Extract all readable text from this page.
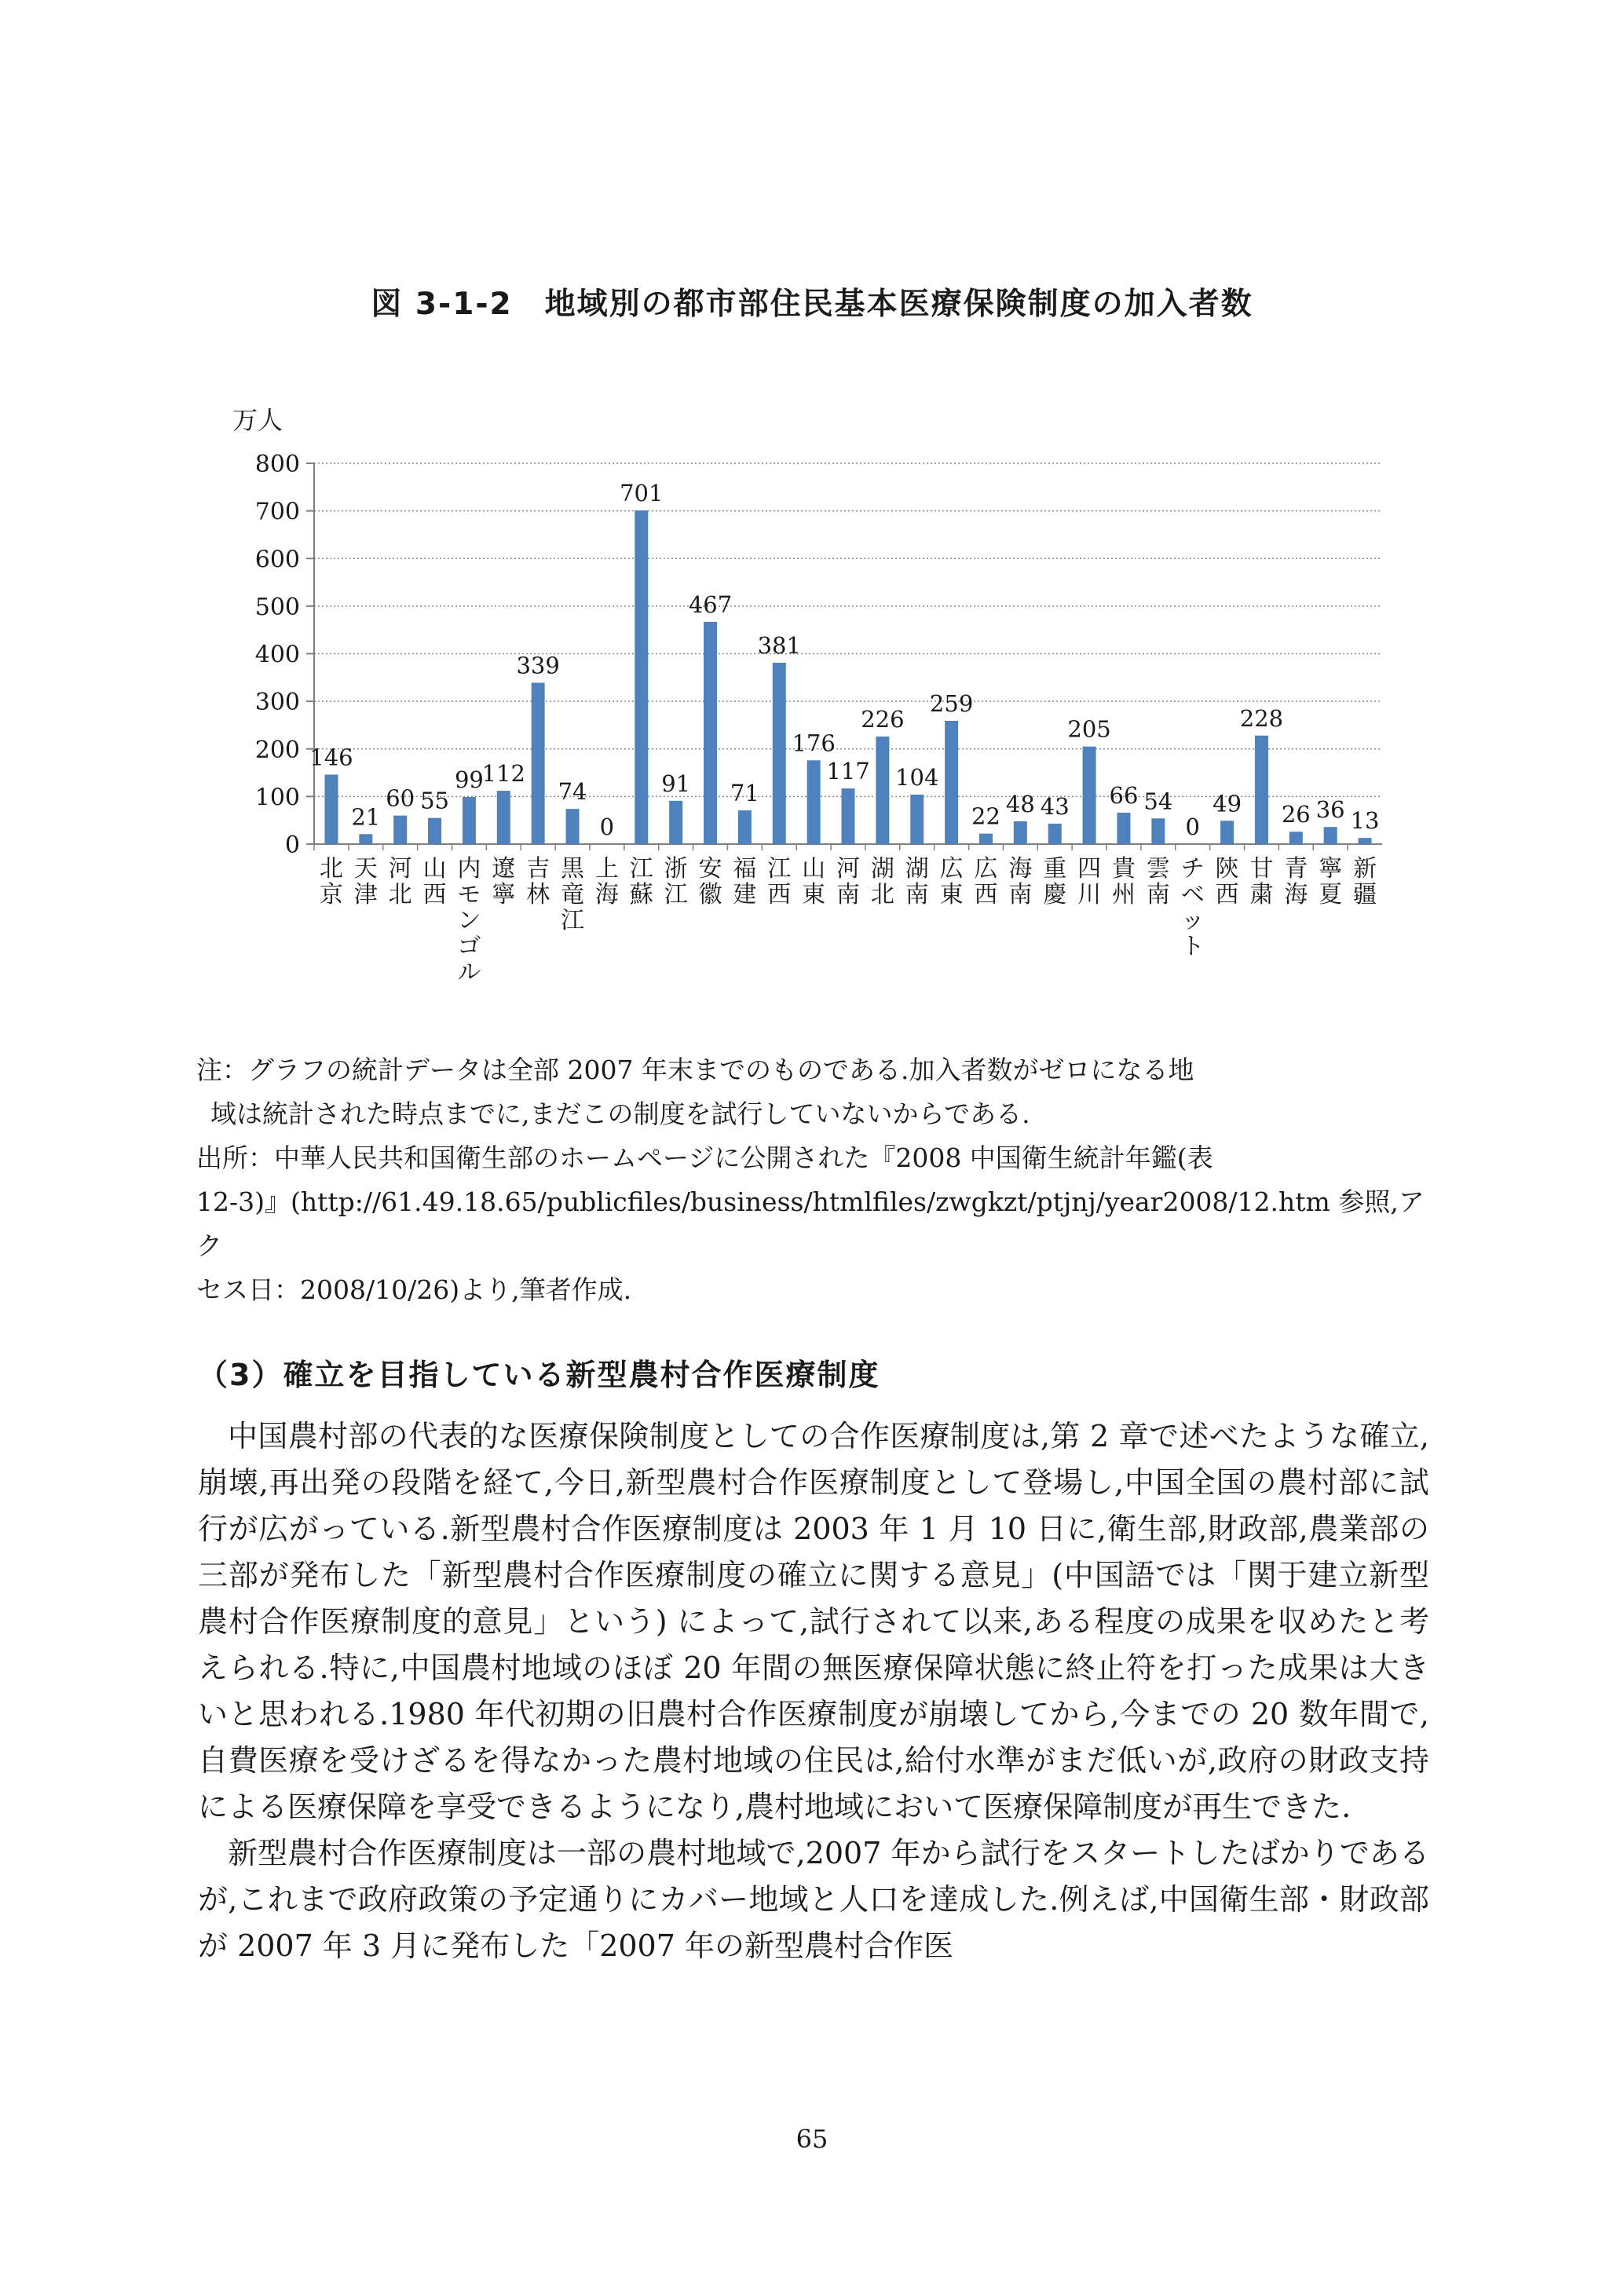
図 3-1-2　地域別の都市部住民基本医療保険制度の加入者数
万人
0
100
200
300
400
500
600
700
800
146
21
60 55
99
112
339
74
0
701
91
467
71
381
176
117
226
104
259
22 48 43
205
66 54
0
49
228
26 36 13
北
京
天
津
河
北
山
西
内
モ
ン
ゴ
ル
遼
寧
吉
林
黒
竜
江
上
海
江
蘇
浙
江
安
徽
福
建
江
西
山
東
河
南
湖
北
湖
南
広
東
広
西
海
南
重
慶
四
川
貴
州
雲
南
チ
ベ
ッ
ト
陝
西
甘
粛
青
海
寧
夏
新
疆

注：グラフの統計データは全部 2007 年末までのものである.加入者数がゼロになる地

域は統計された時点までに,まだこの制度を試行していないからである.

出所：中華人民共和国衛生部のホームページに公開された『2008 中国衛生統計年鑑(表

12-3)』(http://61.49.18.65/publicfiles/business/htmlfiles/zwgkzt/ptjnj/year2008/12.htm 参照,アク

セス日：2008/10/26)より,筆者作成.

（3）確立を目指している新型農村合作医療制度

中国農村部の代表的な医療保険制度としての合作医療制度は,第 2 章で述べたような確立,崩壊,再出発の段階を経て,今日,新型農村合作医療制度として登場し,中国全国の農村部に試行が広がっている.新型農村合作医療制度は 2003 年 1 月 10 日に,衛生部,財政部,農業部の三部が発布した「新型農村合作医療制度の確立に関する意見」(中国語では「関于建立新型農村合作医療制度的意見」という) によって,試行されて以来,ある程度の成果を収めたと考えられる.特に,中国農村地域のほぼ 20 年間の無医療保障状態に終止符を打った成果は大きいと思われる.1980 年代初期の旧農村合作医療制度が崩壊してから,今までの 20 数年間で,自費医療を受けざるを得なかった農村地域の住民は,給付水準がまだ低いが,政府の財政支持による医療保障を享受できるようになり,農村地域において医療保障制度が再生できた.

新型農村合作医療制度は一部の農村地域で,2007 年から試行をスタートしたばかりであるが,これまで政府政策の予定通りにカバー地域と人口を達成した.例えば,中国衛生部・財政部が 2007 年 3 月に発布した「2007 年の新型農村合作医

65
